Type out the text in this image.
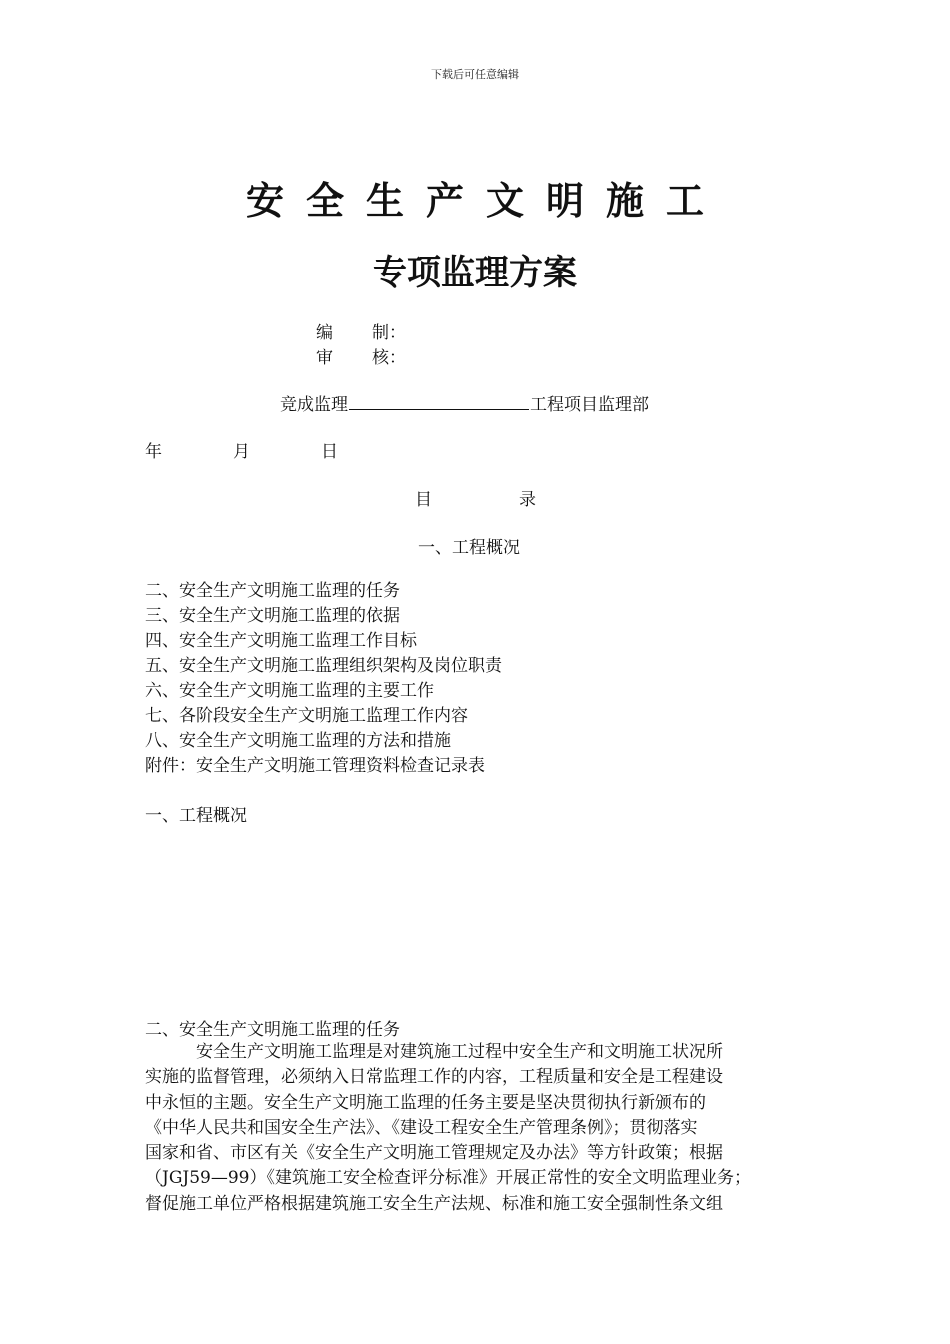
下载后可任意编辑
安全生产文明施工
专项监理方案
编 制：
审 核：
竞成监理	工程项目监理部
年	月	日
目	录
一、工程概况
二、安全生产文明施工监理的任务
三、安全生产文明施工监理的依据
四、安全生产文明施工监理工作目标
五、安全生产文明施工监理组织架构及岗位职责
六、安全生产文明施工监理的主要工作
七、各阶段安全生产文明施工监理工作内容
八、安全生产文明施工监理的方法和措施
附件：安全生产文明施工管理资料检查记录表
一、工程概况
二、安全生产文明施工监理的任务
　　　安全生产文明施工监理是对建筑施工过程中安全生产和文明施工状况所
实施的监督管理，必须纳入日常监理工作的内容，工程质量和安全是工程建设
中永恒的主题。安全生产文明施工监理的任务主要是坚决贯彻执行新颁布的
《中华人民共和国安全生产法》、《建设工程安全生产管理条例》；贯彻落实
国家和省、市区有关《安全生产文明施工管理规定及办法》等方针政策；根据
（JGJ59—99）《建筑施工安全检查评分标准》开展正常性的安全文明监理业务；
督促施工单位严格根据建筑施工安全生产法规、标准和施工安全强制性条文组
